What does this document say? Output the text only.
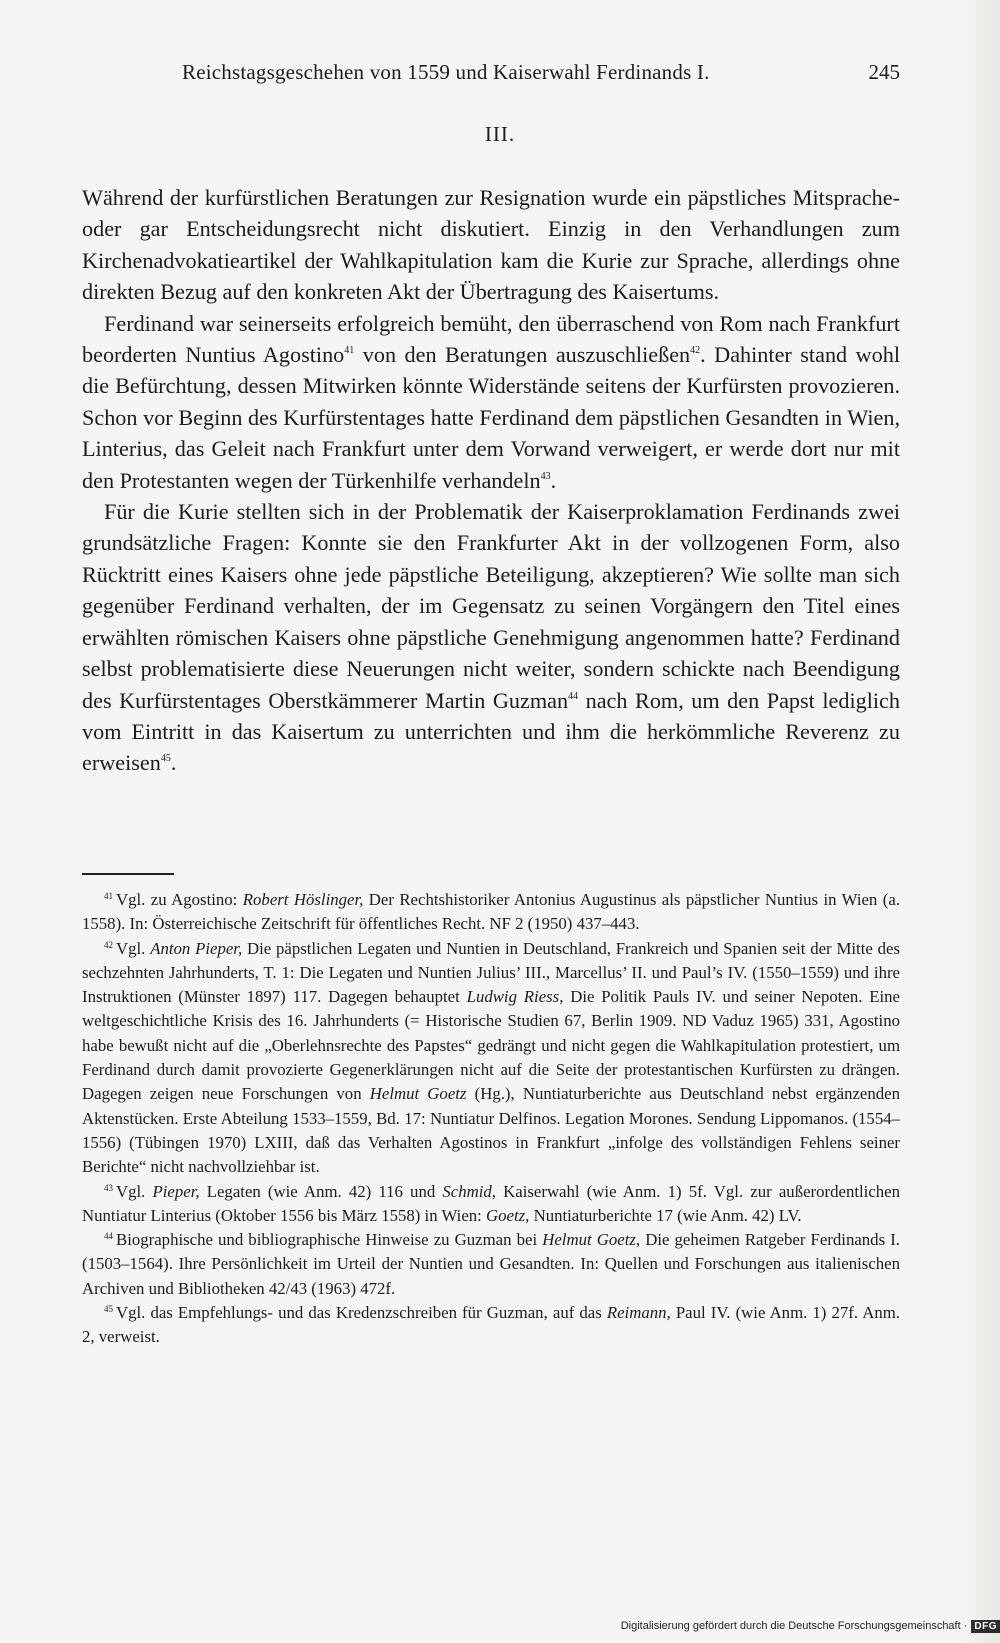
Reichstagsgeschehen von 1559 und Kaiserwahl Ferdinands I.	245
III.

Während der kurfürstlichen Beratungen zur Resignation wurde ein päpstliches Mitsprache- oder gar Entscheidungsrecht nicht diskutiert. Einzig in den Verhandlungen zum Kirchenadvokatieartikel der Wahlkapitulation kam die Kurie zur Sprache, allerdings ohne direkten Bezug auf den konkreten Akt der Übertragung des Kaisertums.

Ferdinand war seinerseits erfolgreich bemüht, den überraschend von Rom nach Frankfurt beorderten Nuntius Agostino$^{41}$ von den Beratungen auszuschließen$^{42}$. Dahinter stand wohl die Befürchtung, dessen Mitwirken könnte Widerstände seitens der Kurfürsten provozieren. Schon vor Beginn des Kurfürstentages hatte Ferdinand dem päpstlichen Gesandten in Wien, Linterius, das Geleit nach Frankfurt unter dem Vorwand verweigert, er werde dort nur mit den Protestanten wegen der Türkenhilfe verhandeln$^{43}$.

Für die Kurie stellten sich in der Problematik der Kaiserproklamation Ferdinands zwei grundsätzliche Fragen: Konnte sie den Frankfurter Akt in der vollzogenen Form, also Rücktritt eines Kaisers ohne jede päpstliche Beteiligung, akzeptieren? Wie sollte man sich gegenüber Ferdinand verhalten, der im Gegensatz zu seinen Vorgängern den Titel eines erwählten römischen Kaisers ohne päpstliche Genehmigung angenommen hatte? Ferdinand selbst problematisierte diese Neuerungen nicht weiter, sondern schickte nach Beendigung des Kurfürstentages Oberstkämmerer Martin Guzman$^{44}$ nach Rom, um den Papst lediglich vom Eintritt in das Kaisertum zu unterrichten und ihm die herkömmliche Reverenz zu erweisen$^{45}$.

$^{41}$ Vgl. zu Agostino: Robert Höslinger, Der Rechtshistoriker Antonius Augustinus als päpstlicher Nuntius in Wien (a. 1558). In: Österreichische Zeitschrift für öffentliches Recht. NF 2 (1950) 437–443.

$^{42}$ Vgl. Anton Pieper, Die päpstlichen Legaten und Nuntien in Deutschland, Frankreich und Spanien seit der Mitte des sechzehnten Jahrhunderts, T. 1: Die Legaten und Nuntien Julius’ III., Marcellus’ II. und Paul’s IV. (1550–1559) und ihre Instruktionen (Münster 1897) 117. Dagegen behauptet Ludwig Riess, Die Politik Pauls IV. und seiner Nepoten. Eine weltgeschichtliche Krisis des 16. Jahrhunderts (= Historische Studien 67, Berlin 1909. ND Vaduz 1965) 331, Agostino habe bewußt nicht auf die „Oberlehnsrechte des Papstes“ gedrängt und nicht gegen die Wahlkapitulation protestiert, um Ferdinand durch damit provozierte Gegenerklärungen nicht auf die Seite der protestantischen Kurfürsten zu drängen. Dagegen zeigen neue Forschungen von Helmut Goetz (Hg.), Nuntiaturberichte aus Deutschland nebst ergänzenden Aktenstücken. Erste Abteilung 1533–1559, Bd. 17: Nuntiatur Delfinos. Legation Morones. Sendung Lippomanos. (1554–1556) (Tübingen 1970) LXIII, daß das Verhalten Agostinos in Frankfurt „infolge des vollständigen Fehlens seiner Berichte“ nicht nachvollziehbar ist.

$^{43}$ Vgl. Pieper, Legaten (wie Anm. 42) 116 und Schmid, Kaiserwahl (wie Anm. 1) 5f. Vgl. zur außerordentlichen Nuntiatur Linterius (Oktober 1556 bis März 1558) in Wien: Goetz, Nuntiaturberichte 17 (wie Anm. 42) LV.

$^{44}$ Biographische und bibliographische Hinweise zu Guzman bei Helmut Goetz, Die geheimen Ratgeber Ferdinands I. (1503–1564). Ihre Persönlichkeit im Urteil der Nuntien und Gesandten. In: Quellen und Forschungen aus italienischen Archiven und Bibliotheken 42/43 (1963) 472f.

$^{45}$ Vgl. das Empfehlungs- und das Kredenzschreiben für Guzman, auf das Reimann, Paul IV. (wie Anm. 1) 27f. Anm. 2, verweist.

Digitalisierung gefördert durch die Deutsche Forschungsgemeinschaft · DFG
